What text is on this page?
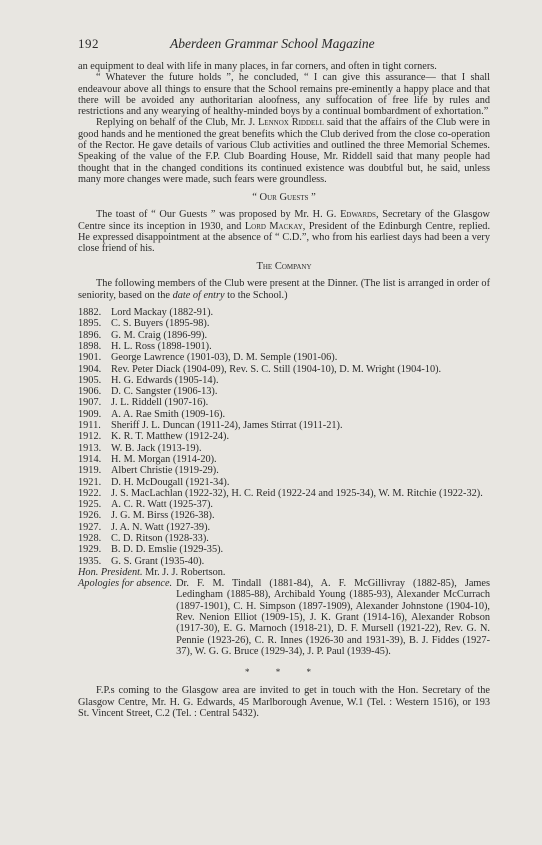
192	Aberdeen Grammar School Magazine

an equipment to deal with life in many places, in far corners, and often in tight corners.

“ Whatever the future holds ”, he concluded, “ I can give this assurance— that I shall endeavour above all things to ensure that the School remains pre-eminently a happy place and that there will be avoided any authoritarian aloofness, any suffocation of free life by rules and restrictions and any wearying of healthy-minded boys by a continual bombardment of exhortation.”

Replying on behalf of the Club, Mr. J. Lennox Riddell said that the affairs of the Club were in good hands and he mentioned the great benefits which the Club derived from the close co-operation of the Rector. He gave details of various Club activities and outlined the three Memorial Schemes. Speaking of the value of the F.P. Club Boarding House, Mr. Riddell said that many people had thought that in the changed conditions its continued existence was doubtful but, he said, unless many more changes were made, such fears were groundless.

“ Our Guests ”

The toast of “ Our Guests ” was proposed by Mr. H. G. Edwards, Secretary of the Glasgow Centre since its inception in 1930, and Lord Mackay, President of the Edinburgh Centre, replied. He expressed disappointment at the absence of “ C.D.”, who from his earliest days had been a very close friend of his.

The Company

The following members of the Club were present at the Dinner. (The list is arranged in order of seniority, based on the date of entry to the School.)

1882. Lord Mackay (1882-91).
1895. C. S. Buyers (1895-98).
1896. G. M. Craig (1896-99).
1898. H. L. Ross (1898-1901).
1901. George Lawrence (1901-03), D. M. Semple (1901-06).
1904. Rev. Peter Diack (1904-09), Rev. S. C. Still (1904-10), D. M. Wright (1904-10).
1905. H. G. Edwards (1905-14).
1906. D. C. Sangster (1906-13).
1907. J. L. Riddell (1907-16).
1909. A. A. Rae Smith (1909-16).
1911. Sheriff J. L. Duncan (1911-24), James Stirrat (1911-21).
1912. K. R. T. Matthew (1912-24).
1913. W. B. Jack (1913-19).
1914. H. M. Morgan (1914-20).
1919. Albert Christie (1919-29).
1921. D. H. McDougall (1921-34).
1922. J. S. MacLachlan (1922-32), H. C. Reid (1922-24 and 1925-34), W. M. Ritchie (1922-32).
1925. A. C. R. Watt (1925-37).
1926. J. G. M. Birss (1926-38).
1927. J. A. N. Watt (1927-39).
1928. C. D. Ritson (1928-33).
1929. B. D. D. Emslie (1929-35).
1935. G. S. Grant (1935-40).
Hon. President. Mr. J. J. Robertson.
Apologies for absence. Dr. F. M. Tindall (1881-84), A. F. McGillivray (1882-85), James Ledingham (1885-88), Archibald Young (1885-93), Alexander McCurrach (1897-1901), C. H. Simpson (1897-1909), Alexander Johnstone (1904-10), Rev. Nenion Elliot (1909-15), J. K. Grant (1914-16), Alexander Robson (1917-30), E. G. Marnoch (1918-21), D. F. Mursell (1921-22), Rev. G. N. Pennie (1923-26), C. R. Innes (1926-30 and 1931-39), B. J. Fiddes (1927-37), W. G. G. Bruce (1929-34), J. P. Paul (1939-45).
* * *

F.P.s coming to the Glasgow area are invited to get in touch with the Hon. Secretary of the Glasgow Centre, Mr. H. G. Edwards, 45 Marlborough Avenue, W.1 (Tel. : Western 1516), or 193 St. Vincent Street, C.2 (Tel. : Central 5432).
